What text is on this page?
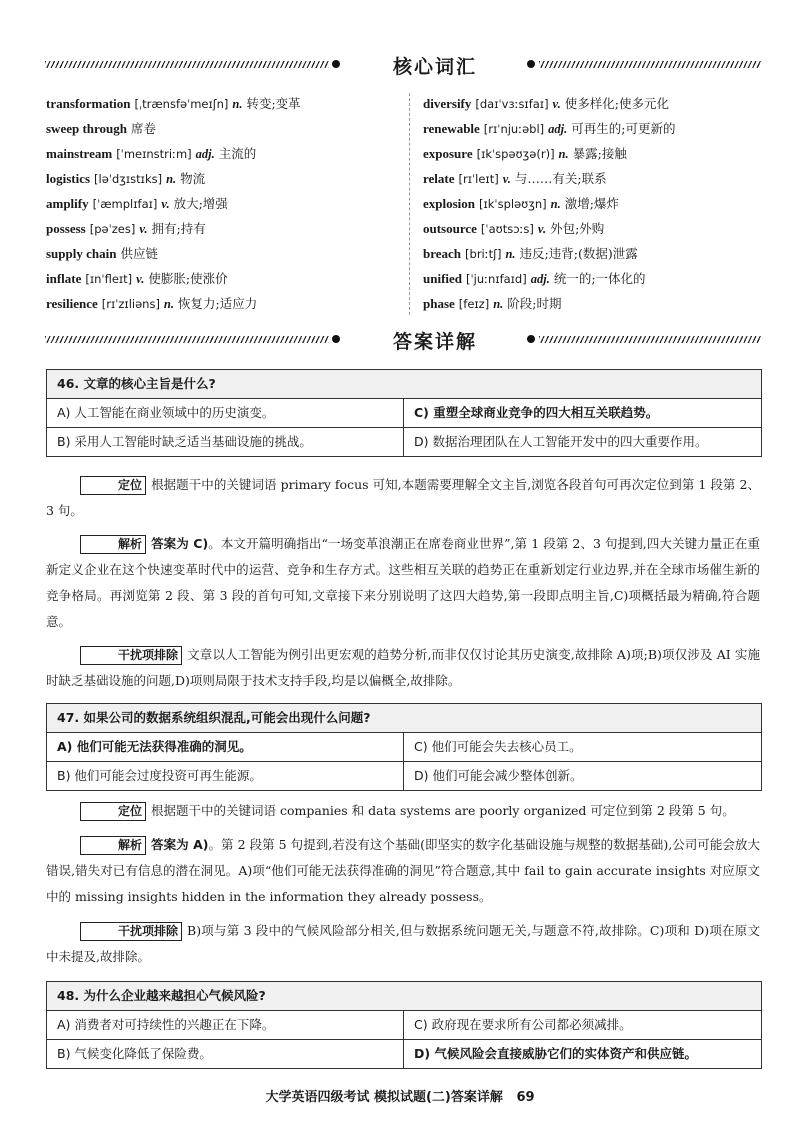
核心词汇
transformation [ˌtrænsfəˈmeɪʃn] n. 转变;变革
sweep through 席卷
mainstream [ˈmeɪnstriːm] adj. 主流的
logistics [ləˈdʒɪstɪks] n. 物流
amplify [ˈæmplɪfaɪ] v. 放大;增强
possess [pəˈzes] v. 拥有;持有
supply chain 供应链
inflate [ɪnˈfleɪt] v. 使膨胀;使涨价
resilience [rɪˈzɪliəns] n. 恢复力;适应力
diversify [daɪˈvɜːsɪfaɪ] v. 使多样化;使多元化
renewable [rɪˈnjuːəbl] adj. 可再生的;可更新的
exposure [ɪkˈspəʊʒə(r)] n. 暴露;接触
relate [rɪˈleɪt] v. 与……有关;联系
explosion [ɪkˈspləʊʒn] n. 激增;爆炸
outsource [ˈaʊtsɔːs] v. 外包;外购
breach [briːtʃ] n. 违反;违背;(数据)泄露
unified [ˈjuːnɪfaɪd] adj. 统一的;一体化的
phase [feɪz] n. 阶段;时期
答案详解
46. 文章的核心主旨是什么?
A) 人工智能在商业领域中的历史演变。	C) 重塑全球商业竞争的四大相互关联趋势。
B) 采用人工智能时缺乏适当基础设施的挑战。	D) 数据治理团队在人工智能开发中的四大重要作用。
定位 根据题干中的关键词语 primary focus 可知,本题需要理解全文主旨,浏览各段首句可再次定位到第 1 段第 2、3 句。
解析 答案为 C)。本文开篇明确指出“一场变革浪潮正在席卷商业世界”,第 1 段第 2、3 句提到,四大关键力量正在重新定义企业在这个快速变革时代中的运营、竞争和生存方式。这些相互关联的趋势正在重新划定行业边界,并在全球市场催生新的竞争格局。再浏览第 2 段、第 3 段的首句可知,文章接下来分别说明了这四大趋势,第一段即点明主旨,C)项概括最为精确,符合题意。
干扰项排除 文章以人工智能为例引出更宏观的趋势分析,而非仅仅讨论其历史演变,故排除 A)项;B)项仅涉及 AI 实施时缺乏基础设施的问题,D)项则局限于技术支持手段,均是以偏概全,故排除。
47. 如果公司的数据系统组织混乱,可能会出现什么问题?
A) 他们可能无法获得准确的洞见。	C) 他们可能会失去核心员工。
B) 他们可能会过度投资可再生能源。	D) 他们可能会减少整体创新。
定位 根据题干中的关键词语 companies 和 data systems are poorly organized 可定位到第 2 段第 5 句。
解析 答案为 A)。第 2 段第 5 句提到,若没有这个基础(即坚实的数字化基础设施与规整的数据基础),公司可能会放大错误,错失对已有信息的潜在洞见。A)项“他们可能无法获得准确的洞见”符合题意,其中 fail to gain accurate insights 对应原文中的 missing insights hidden in the information they already possess。
干扰项排除 B)项与第 3 段中的气候风险部分相关,但与数据系统问题无关,与题意不符,故排除。C)项和 D)项在原文中未提及,故排除。
48. 为什么企业越来越担心气候风险?
A) 消费者对可持续性的兴趣正在下降。	C) 政府现在要求所有公司都必须减排。
B) 气候变化降低了保险费。	D) 气候风险会直接威胁它们的实体资产和供应链。
大学英语四级考试 模拟试题(二)答案详解 69
